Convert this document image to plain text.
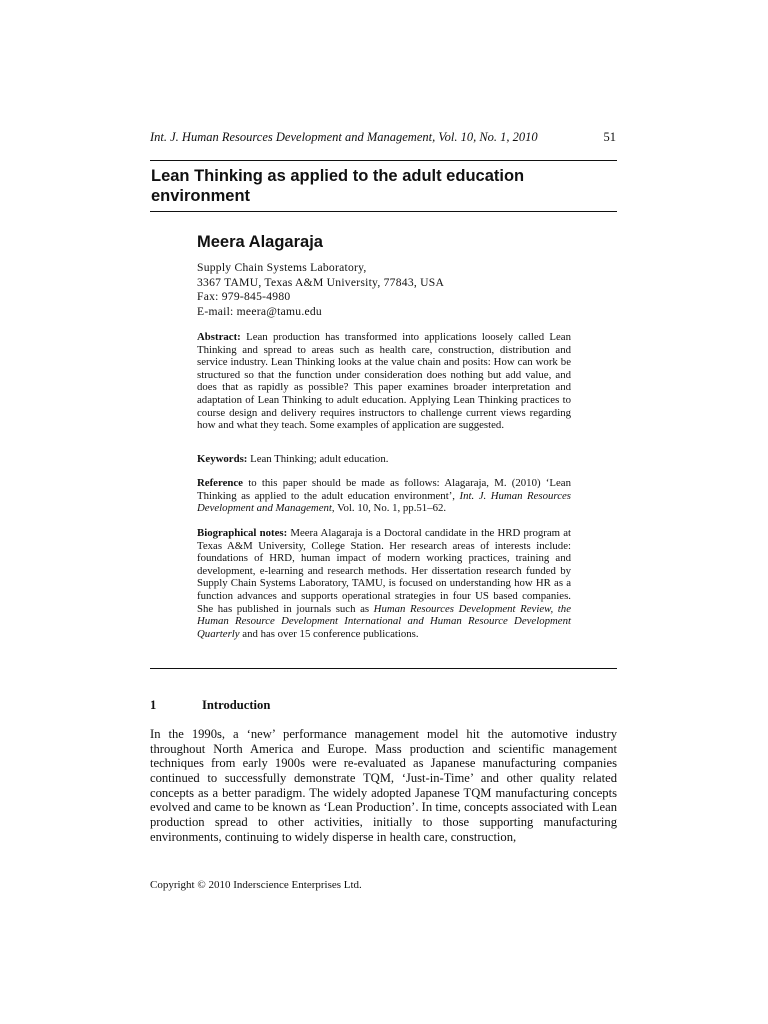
Int. J. Human Resources Development and Management, Vol. 10, No. 1, 2010	51
Lean Thinking as applied to the adult education environment
Meera Alagaraja
Supply Chain Systems Laboratory,
3367 TAMU, Texas A&M University, 77843, USA
Fax: 979-845-4980
E-mail: meera@tamu.edu

Abstract: Lean production has transformed into applications loosely called Lean Thinking and spread to areas such as health care, construction, distribution and service industry. Lean Thinking looks at the value chain and posits: How can work be structured so that the function under consideration does nothing but add value, and does that as rapidly as possible? This paper examines broader interpretation and adaptation of Lean Thinking to adult education. Applying Lean Thinking practices to course design and delivery requires instructors to challenge current views regarding how and what they teach. Some examples of application are suggested.

Keywords: Lean Thinking; adult education.

Reference to this paper should be made as follows: Alagaraja, M. (2010) ‘Lean Thinking as applied to the adult education environment’, Int. J. Human Resources Development and Management, Vol. 10, No. 1, pp.51–62.

Biographical notes: Meera Alagaraja is a Doctoral candidate in the HRD program at Texas A&M University, College Station. Her research areas of interests include: foundations of HRD, human impact of modern working practices, training and development, e-learning and research methods. Her dissertation research funded by Supply Chain Systems Laboratory, TAMU, is focused on understanding how HR as a function advances and supports operational strategies in four US based companies. She has published in journals such as Human Resources Development Review, the Human Resource Development International and Human Resource Development Quarterly and has over 15 conference publications.

1	Introduction

In the 1990s, a ‘new’ performance management model hit the automotive industry throughout North America and Europe. Mass production and scientific management techniques from early 1900s were re-evaluated as Japanese manufacturing companies continued to successfully demonstrate TQM, ‘Just-in-Time’ and other quality related concepts as a better paradigm. The widely adopted Japanese TQM manufacturing concepts evolved and came to be known as ‘Lean Production’. In time, concepts associated with Lean production spread to other activities, initially to those supporting manufacturing environments, continuing to widely disperse in health care, construction,

Copyright © 2010 Inderscience Enterprises Ltd.
